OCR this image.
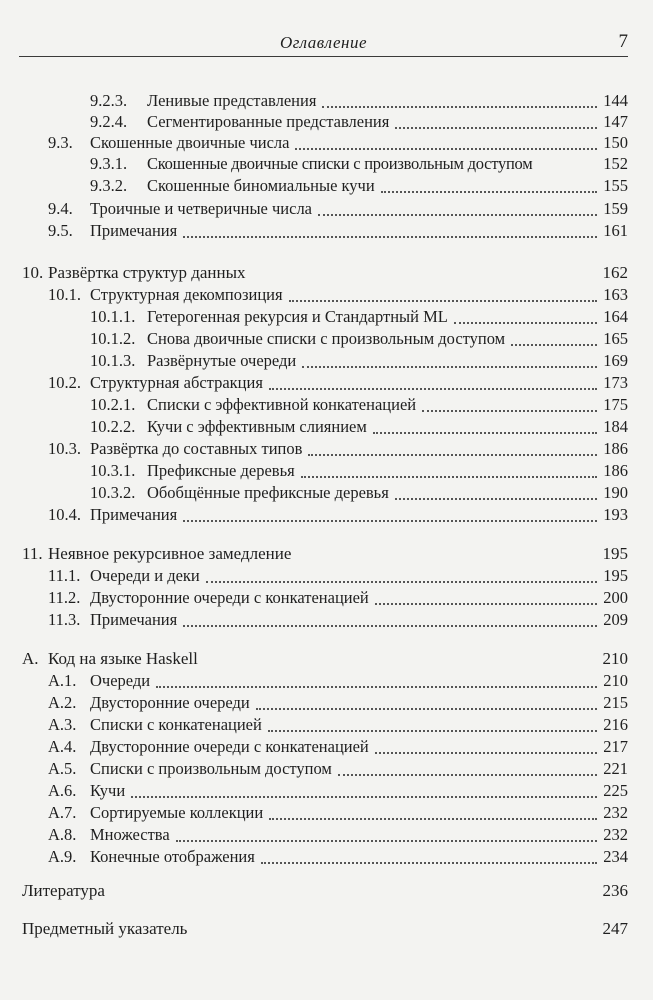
Оглавление	7
9.2.3.	Ленивые представления	144
9.2.4.	Сегментированные представления	147
9.3.	Скошенные двоичные числа	150
9.3.1.	Скошенные двоичные списки с произвольным доступом	152
9.3.2.	Скошенные биномиальные кучи	155
9.4.	Троичные и четверичные числа	159
9.5.	Примечания	161
10. Развёртка структур данных	162
10.1. Структурная декомпозиция	163
10.1.1. Гетерогенная рекурсия и Стандартный ML	164
10.1.2. Снова двоичные списки с произвольным доступом	165
10.1.3. Развёрнутые очереди	169
10.2. Структурная абстракция	173
10.2.1. Списки с эффективной конкатенацией	175
10.2.2. Кучи с эффективным слиянием	184
10.3. Развёртка до составных типов	186
10.3.1. Префиксные деревья	186
10.3.2. Обобщённые префиксные деревья	190
10.4. Примечания	193
11. Неявное рекурсивное замедление	195
11.1. Очереди и деки	195
11.2. Двусторонние очереди с конкатенацией	200
11.3. Примечания	209
A. Код на языке Haskell	210
A.1. Очереди	210
A.2. Двусторонние очереди	215
A.3. Списки с конкатенацией	216
A.4. Двусторонние очереди с конкатенацией	217
A.5. Списки с произвольным доступом	221
A.6. Кучи	225
A.7. Сортируемые коллекции	232
A.8. Множества	232
A.9. Конечные отображения	234
Литература	236
Предметный указатель	247
